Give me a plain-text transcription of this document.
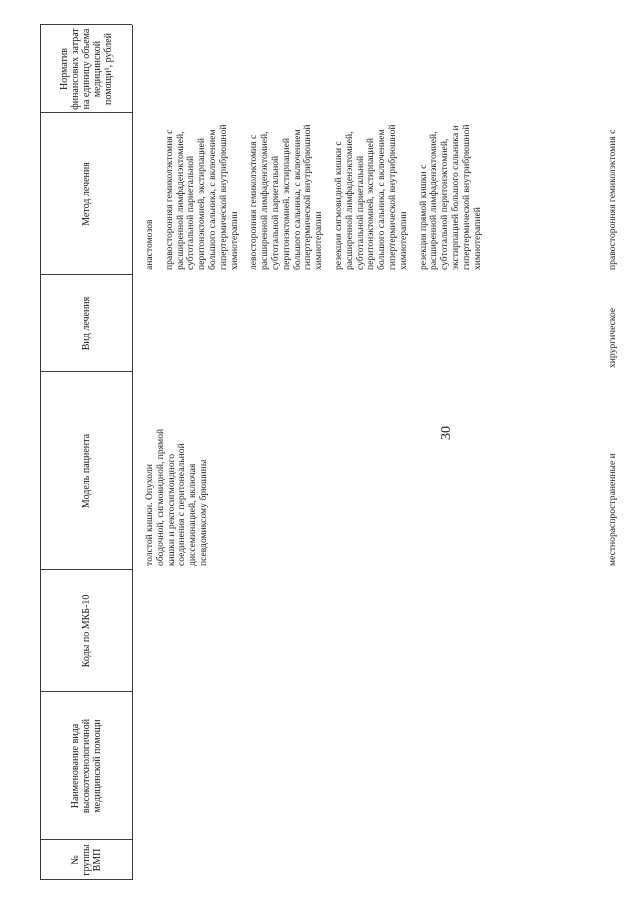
30
№ группы ВМП
Наименование вида высокотехнологичной медицинской помощи
Коды по МКБ-10
Модель пациента
Вид лечения
Метод лечения
Норматив финансовых затрат на единицу объема медицинской помощи¹, рублей
толстой кишки. Опухоли ободочной, сигмовидной, прямой кишки и ректосигмоидного соединения с перитонеальной диссеминацией, включая псевдомиксому брюшины

анастомозов правосторонняя гемиколэктомия с расширенной лимфаденэктомией, субтотальной париетальной перитонэктомией, экстирпацией большого сальника, с включением гипертермической внутрибрюшной химиотерапии левосторонняя гемиколэктомия с расширенной лимфаденэктомией, субтотальной париетальной перитонэктомией, экстирпацией большого сальника, с включением гипертермической внутрибрюшной химиотерапии резекция сигмовидной кишки с расширенной лимфаденэктомией, субтотальной париетальной перитонэктомией, экстирпацией большого сальника, с включением гипертермической внутрибрюшной химиотерапии резекция прямой кишки с расширенной лимфаденэктомией, субтотальной перитонэктомией, экстирпацией большого сальника и гипертермической внутрибрюшной химиотерапией

местнораспространенные и
хирургическое
правосторонняя гемиколэктомия с
